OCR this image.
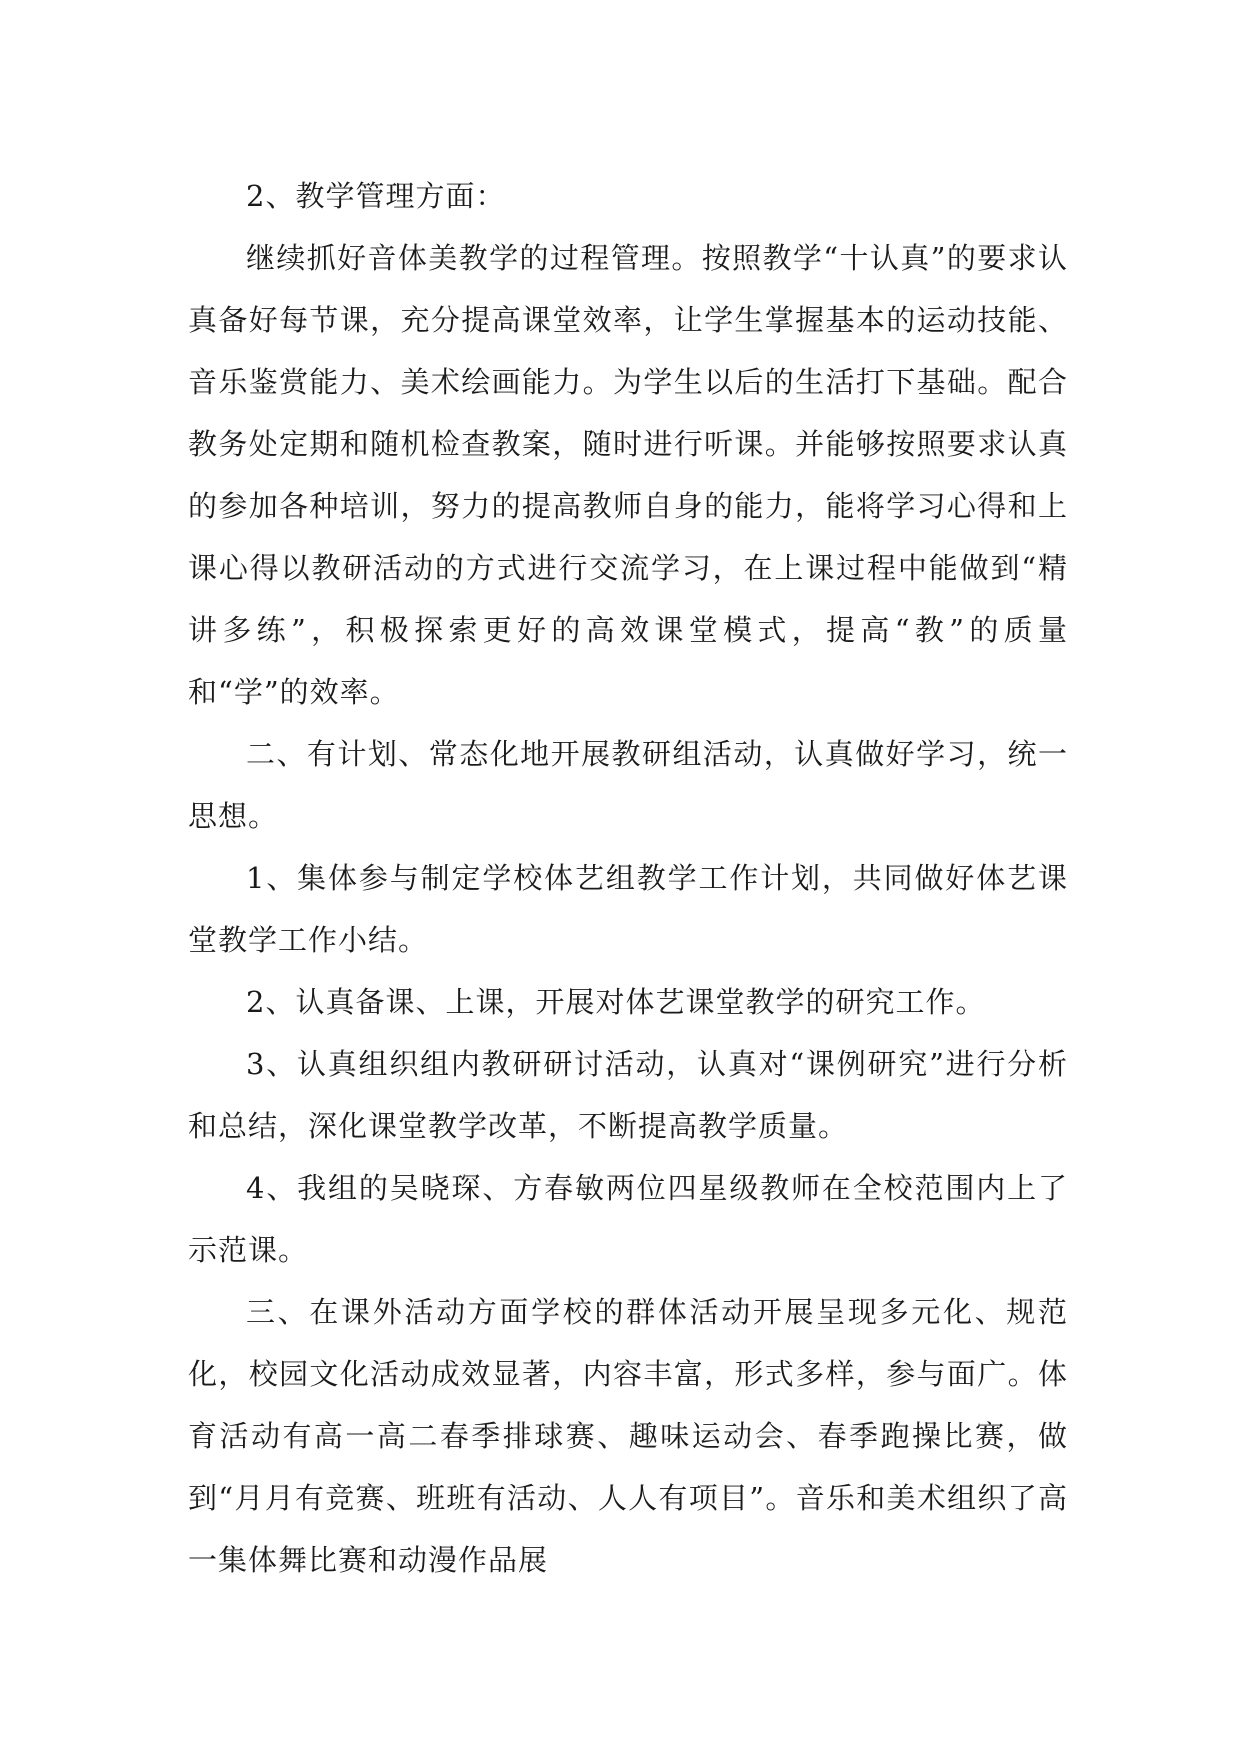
2、教学管理方面：

继续抓好音体美教学的过程管理。按照教学“十认真”的要求认真备好每节课，充分提高课堂效率，让学生掌握基本的运动技能、音乐鉴赏能力、美术绘画能力。为学生以后的生活打下基础。配合教务处定期和随机检查教案，随时进行听课。并能够按照要求认真的参加各种培训，努力的提高教师自身的能力，能将学习心得和上课心得以教研活动的方式进行交流学习，在上课过程中能做到“精讲多练”，积极探索更好的高效课堂模式，提高“教”的质量和“学”的效率。

二、有计划、常态化地开展教研组活动，认真做好学习，统一思想。

1、集体参与制定学校体艺组教学工作计划，共同做好体艺课堂教学工作小结。

2、认真备课、上课，开展对体艺课堂教学的研究工作。

3、认真组织组内教研研讨活动，认真对“课例研究”进行分析和总结，深化课堂教学改革，不断提高教学质量。

4、我组的吴晓琛、方春敏两位四星级教师在全校范围内上了示范课。

三、在课外活动方面学校的群体活动开展呈现多元化、规范化，校园文化活动成效显著，内容丰富，形式多样，参与面广。体育活动有高一高二春季排球赛、趣味运动会、春季跑操比赛，做到“月月有竞赛、班班有活动、人人有项目”。音乐和美术组织了高一集体舞比赛和动漫作品展
